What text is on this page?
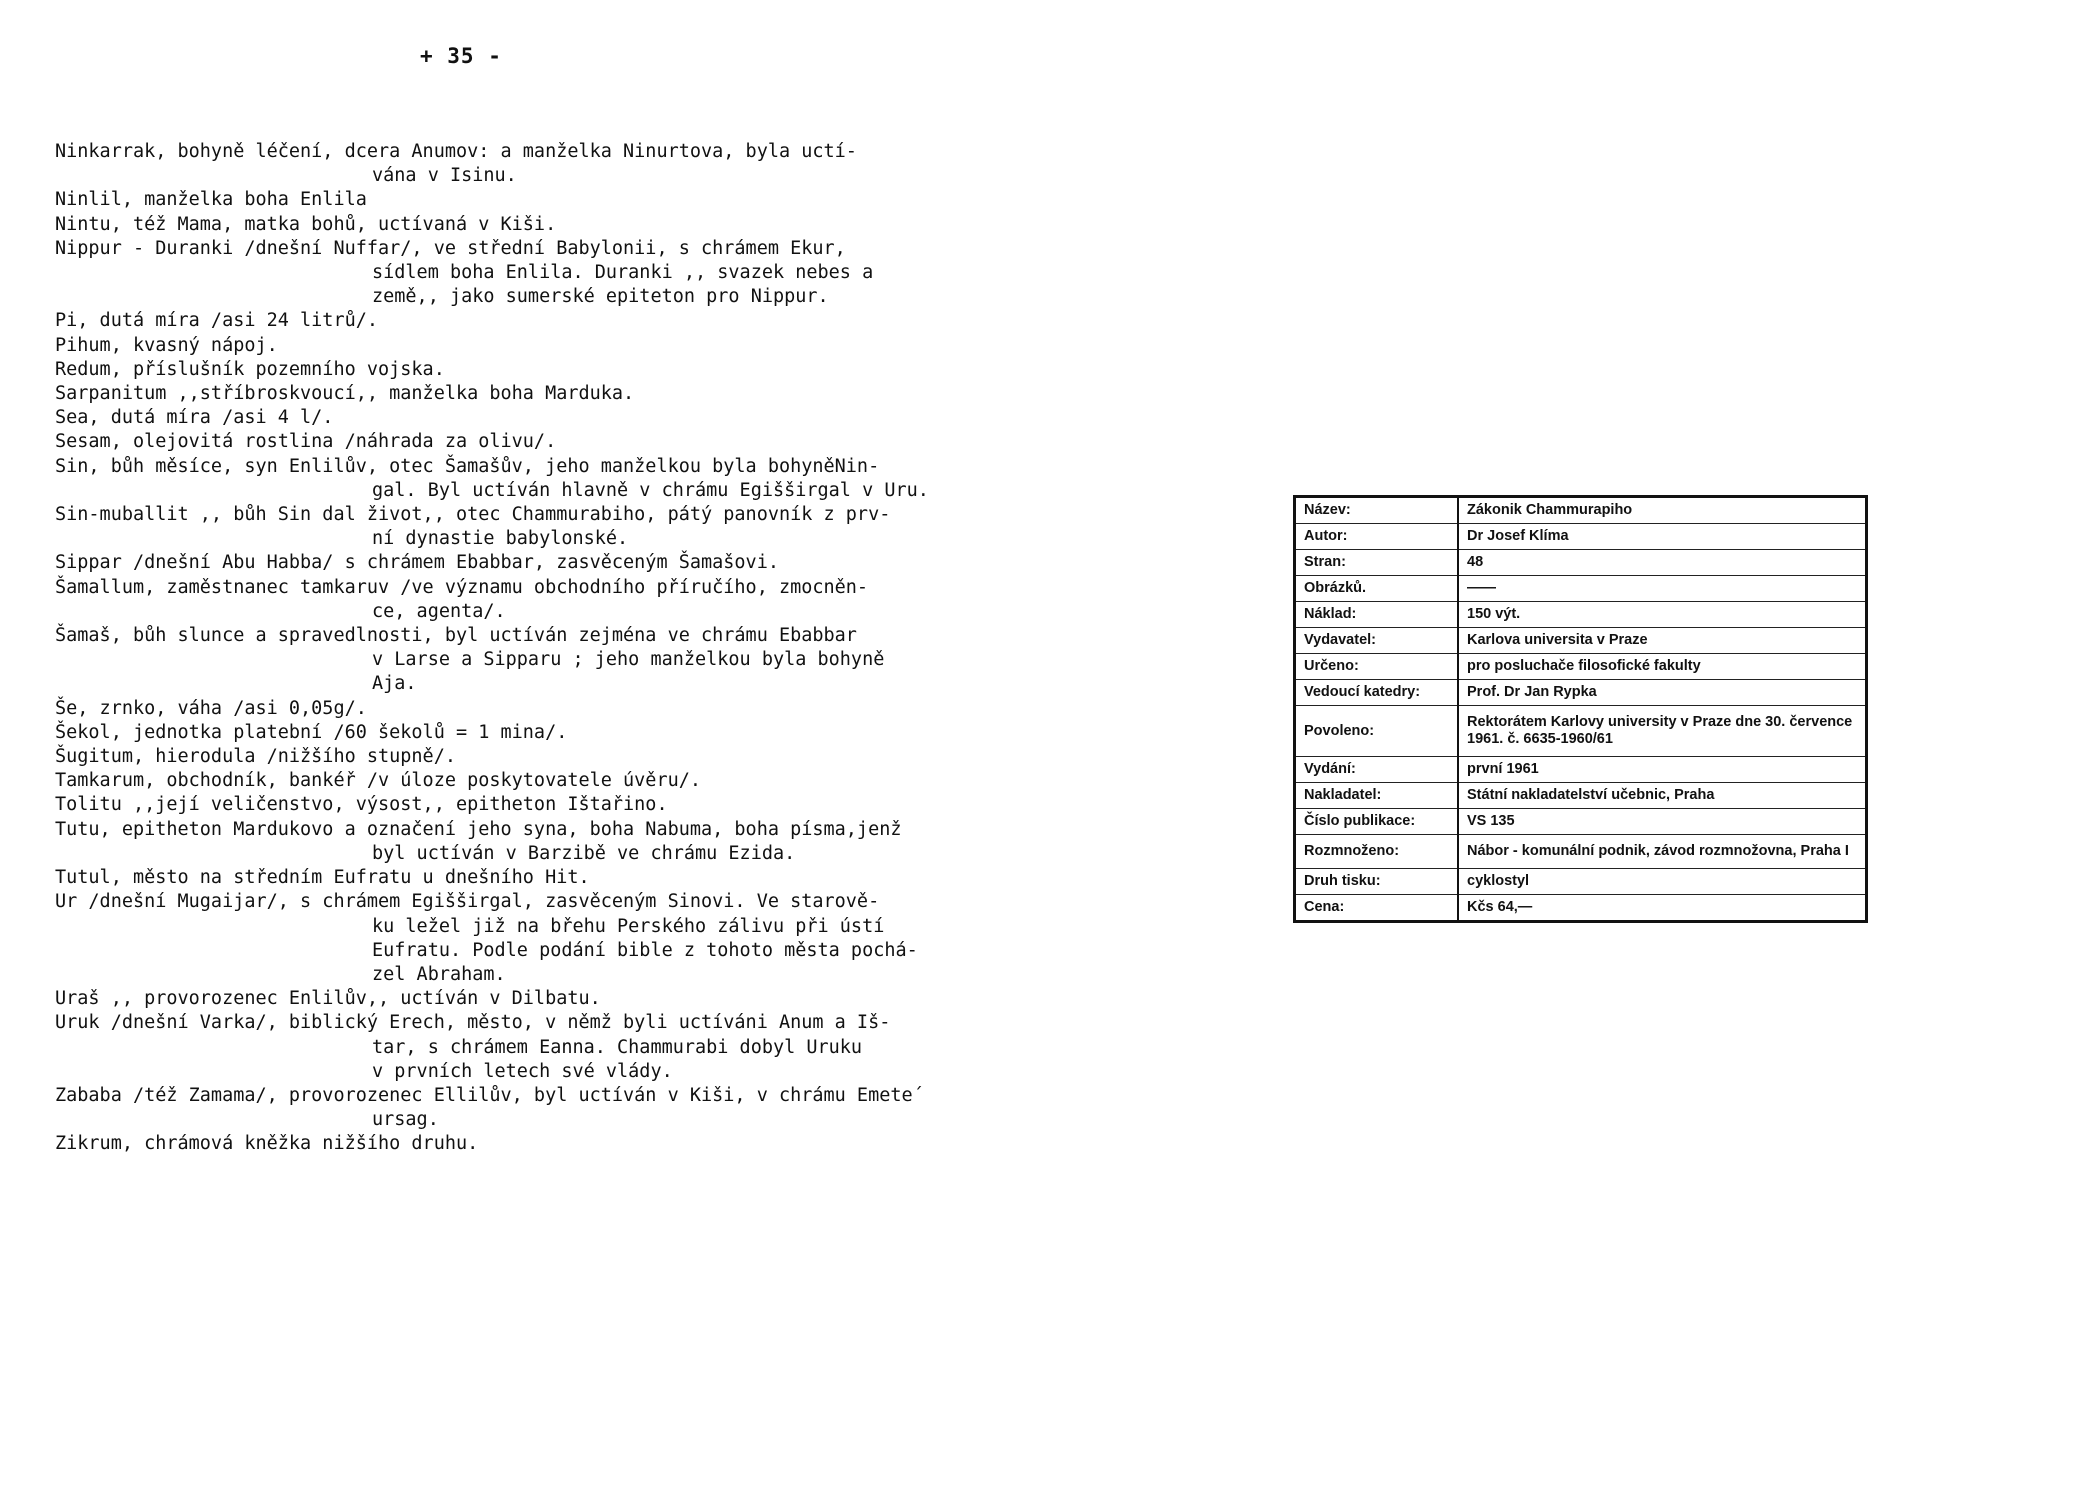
+ 35 -
Ninkarrak, bohyně léčení, dcera Anumov: a manželka Ninurtova, byla uctí-
vána v Isinu.
Ninlil, manželka boha Enlila
Nintu, též Mama, matka bohů, uctívaná v Kiši.
Nippur - Duranki /dnešní Nuffar/, ve střední Babylonii, s chrámem Ekur,
sídlem boha Enlila. Duranki ,, svazek nebes a
země,, jako sumerské epiteton pro Nippur.
Pi, dutá míra /asi 24 litrů/.
Pihum, kvasný nápoj.
Redum, příslušník pozemního vojska.
Sarpanitum ,,stříbroskvoucí,, manželka boha Marduka.
Sea, dutá míra /asi 4 l/.
Sesam, olejovitá rostlina /náhrada za olivu/.
Sin, bůh měsíce, syn Enlilův, otec Šamašův, jeho manželkou byla bohyněNin-
gal. Byl uctíván hlavně v chrámu Egišširgal v Uru.
Sin-muballit ,, bůh Sin dal život,, otec Chammurabiho, pátý panovník z prv-
ní dynastie babylonské.
Sippar /dnešní Abu Habba/ s chrámem Ebabbar, zasvěceným Šamašovi.
Šamallum, zaměstnanec tamkaruv /ve významu obchodního příručího, zmocněn-
ce, agenta/.
Šamaš, bůh slunce a spravedlnosti, byl uctíván zejména ve chrámu Ebabbar
v Larse a Sipparu ; jeho manželkou byla bohyně
Aja.
Še, zrnko, váha /asi 0,05g/.
Šekol, jednotka platební /60 šekolů = 1 mina/.
Šugitum, hierodula /nižšího stupně/.
Tamkarum, obchodník, bankéř /v úloze poskytovatele úvěru/.
Tolitu ,,její veličenstvo, výsost,, epitheton Ištařino.
Tutu, epitheton Mardukovo a označení jeho syna, boha Nabuma, boha písma,jenž
byl uctíván v Barzibě ve chrámu Ezida.
Tutul, město na středním Eufratu u dnešního Hit.
Ur /dnešní Mugaijar/, s chrámem Egišširgal, zasvěceným Sinovi. Ve starově-
ku ležel již na břehu Perského zálivu při ústí
Eufratu. Podle podání bible z tohoto města pochá-
zel Abraham.
Uraš ,, provorozenec Enlilův,, uctíván v Dilbatu.
Uruk /dnešní Varka/, biblický Erech, město, v němž byli uctíváni Anum a Iš-
tar, s chrámem Eanna. Chammurabi dobyl Uruku
v prvních letech své vlády.
Zababa /též Zamama/, provorozenec Ellilův, byl uctíván v Kiši, v chrámu Emete´
ursag.
Zikrum, chrámová kněžka nižšího druhu.
Název:	Zákonik Chammurapiho
Autor:	Dr Josef Klíma
Stran:	48
Obrázků.	——
Náklad:	150 výt.
Vydavatel:	Karlova universita v Praze
Určeno:	pro posluchače filosofické fakulty
Vedoucí katedry:	Prof. Dr Jan Rypka
Povoleno:	Rektorátem Karlovy university v Praze dne 30. července 1961. č. 6635-1960/61
Vydání:	první 1961
Nakladatel:	Státní nakladatelství učebnic, Praha
Číslo publikace:	VS 135
Rozmnoženo:	Nábor - komunální podnik, závod rozmnožovna, Praha I
Druh tisku:	cyklostyl
Cena:	Kčs 64,—
